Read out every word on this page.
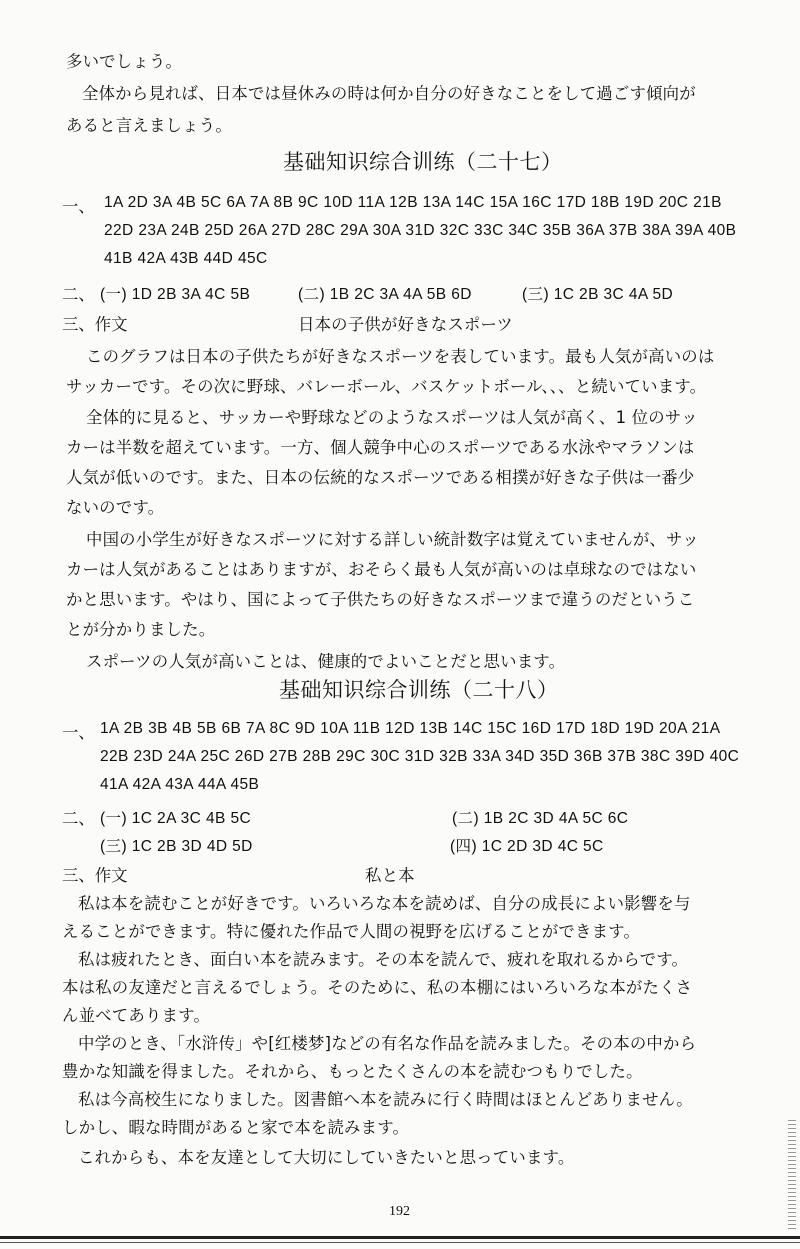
多いでしょう。
全体から見れば、日本では昼休みの時は何か自分の好きなことをして過ごす傾向が
あると言えましょう。
基础知识综合训练（二十七）
一、 1A 2D 3A 4B 5C 6A 7A 8B 9C 10D 11A 12B 13A 14C 15A 16C 17D 18B 19D 20C 21B
22D 23A 24B 25D 26A 27D 28C 29A 30A 31D 32C 33C 34C 35B 36A 37B 38A 39A 40B
41B 42A 43B 44D 45C
二、 (一) 1D 2B 3A 4C 5B	(二) 1B 2C 3A 4A 5B 6D	(三) 1C 2B 3C 4A 5D
三、作文	日本の子供が好きなスポーツ
このグラフは日本の子供たちが好きなスポーツを表しています。最も人気が高いのは
サッカーです。その次に野球、バレーボール、バスケットボール、、、と続いています。
全体的に見ると、サッカーや野球などのようなスポーツは人気が高く、1 位のサッ
カーは半数を超えています。一方、個人競争中心のスポーツである水泳やマラソンは
人気が低いのです。また、日本の伝統的なスポーツである相撲が好きな子供は一番少
ないのです。
中国の小学生が好きなスポーツに対する詳しい統計数字は覚えていませんが、サッ
カーは人気があることはありますが、おそらく最も人気が高いのは卓球なのではない
かと思います。やはり、国によって子供たちの好きなスポーツまで違うのだというこ
とが分かりました。
スポーツの人気が高いことは、健康的でよいことだと思います。
基础知识综合训练（二十八）
一、 1A 2B 3B 4B 5B 6B 7A 8C 9D 10A 11B 12D 13B 14C 15C 16D 17D 18D 19D 20A 21A
22B 23D 24A 25C 26D 27B 28B 29C 30C 31D 32B 33A 34D 35D 36B 37B 38C 39D 40C
41A 42A 43A 44A 45B
二、 (一) 1C 2A 3C 4B 5C	(二) 1B 2C 3D 4A 5C 6C
(三) 1C 2B 3D 4D 5D	(四) 1C 2D 3D 4C 5C
三、作文	私と本
私は本を読むことが好きです。いろいろな本を読めば、自分の成長によい影響を与
えることができます。特に優れた作品で人間の視野を広げることができます。
私は疲れたとき、面白い本を読みます。その本を読んで、疲れを取れるからです。
本は私の友達だと言えるでしょう。そのために、私の本棚にはいろいろな本がたくさ
ん並べてあります。
中学のとき、「水浒传」や[红楼梦]などの有名な作品を読みました。その本の中から
豊かな知識を得ました。それから、もっとたくさんの本を読むつもりでした。
私は今高校生になりました。図書館へ本を読みに行く時間はほとんどありません。
しかし、暇な時間があると家で本を読みます。
これからも、本を友達として大切にしていきたいと思っています。
192
